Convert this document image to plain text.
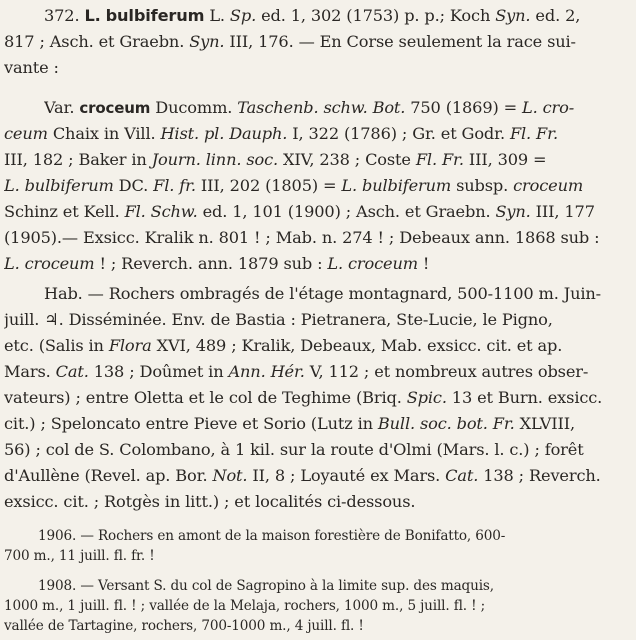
372. L. bulbiferum L. Sp. ed. 1, 302 (1753) p. p.; Koch Syn. ed. 2,
817 ; Asch. et Graebn. Syn. III, 176. — En Corse seulement la race sui-
vante :
Var. croceum Ducomm. Taschenb. schw. Bot. 750 (1869) = L. cro-
ceum Chaix in Vill. Hist. pl. Dauph. I, 322 (1786) ; Gr. et Godr. Fl. Fr.
III, 182 ; Baker in Journ. linn. soc. XIV, 238 ; Coste Fl. Fr. III, 309 =
L. bulbiferum DC. Fl. fr. III, 202 (1805) = L. bulbiferum subsp. croceum
Schinz et Kell. Fl. Schw. ed. 1, 101 (1900) ; Asch. et Graebn. Syn. III, 177
(1905).— Exsicc. Kralik n. 801 ! ; Mab. n. 274 ! ; Debeaux ann. 1868 sub :
L. croceum ! ; Reverch. ann. 1879 sub : L. croceum !
Hab. — Rochers ombragés de l'étage montagnard, 500-1100 m. Juin-
juill. ♃. Disséminée. Env. de Bastia : Pietranera, Ste-Lucie, le Pigno,
etc. (Salis in Flora XVI, 489 ; Kralik, Debeaux, Mab. exsicc. cit. et ap.
Mars. Cat. 138 ; Doûmet in Ann. Hér. V, 112 ; et nombreux autres obser-
vateurs) ; entre Oletta et le col de Teghime (Briq. Spic. 13 et Burn. exsicc.
cit.) ; Speloncato entre Pieve et Sorio (Lutz in Bull. soc. bot. Fr. XLVIII,
56) ; col de S. Colombano, à 1 kil. sur la route d'Olmi (Mars. l. c.) ; forêt
d'Aullène (Revel. ap. Bor. Not. II, 8 ; Loyauté ex Mars. Cat. 138 ; Reverch.
exsicc. cit. ; Rotgès in litt.) ; et localités ci-dessous.
1906. — Rochers en amont de la maison forestière de Bonifatto, 600-
700 m., 11 juill. fl. fr. !
1908. — Versant S. du col de Sagropino à la limite sup. des maquis,
1000 m., 1 juill. fl. ! ; vallée de la Melaja, rochers, 1000 m., 5 juill. fl. ! ;
vallée de Tartagine, rochers, 700-1000 m., 4 juill. fl. !
